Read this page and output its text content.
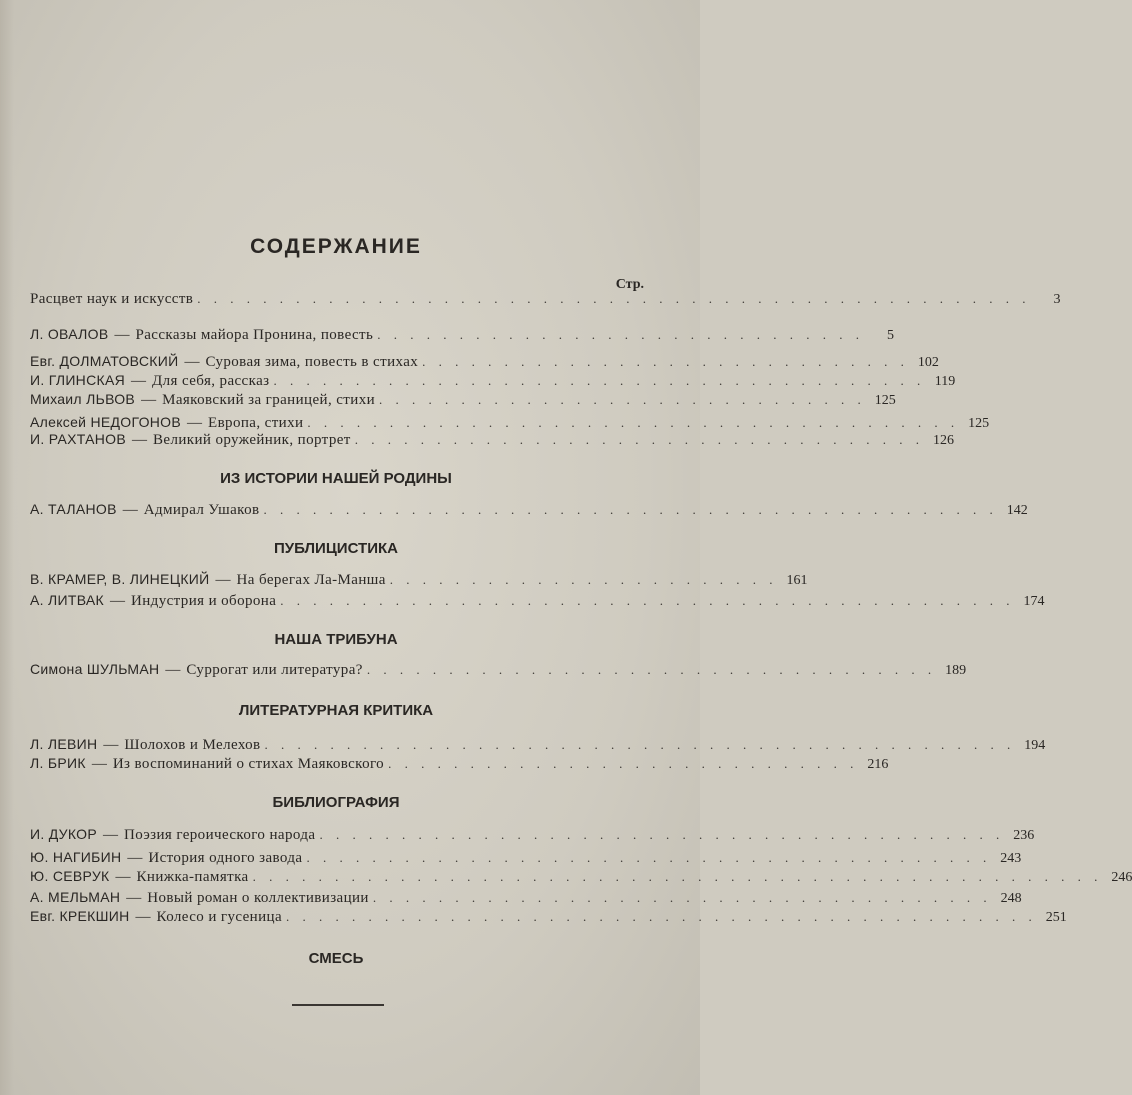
СОДЕРЖАНИЕ
Стр.
Расцвет наук и искусств . . . . . . . . . . . . . . . . . . . . . . . . . . . . . . . . . . . . . . . . . . . . . . . . . . .	3
Л. ОВАЛОВ — Рассказы майора Пронина, повесть . . . . . . . . . . . . . . . . . . . . . . . . . . . . . .	5
Евг. ДОЛМАТОВСКИЙ — Суровая зима, повесть в стихах . . . . . . . . . . . . . . . . . . . . . . . . . . . . . . 102
И. ГЛИНСКАЯ — Для себя, рассказ . . . . . . . . . . . . . . . . . . . . . . . . . . . . . . . . . . . . . . . . 119
Михаил ЛЬВОВ — Маяковский за границей, стихи . . . . . . . . . . . . . . . . . . . . . . . . . . . . . . 125
Алексей НЕДОГОНОВ — Европа, стихи . . . . . . . . . . . . . . . . . . . . . . . . . . . . . . . . . . . . . . . . 125
И. РАХТАНОВ — Великий оружейник, портрет . . . . . . . . . . . . . . . . . . . . . . . . . . . . . . . . . . . 126
ИЗ ИСТОРИИ НАШЕЙ РОДИНЫ
А. ТАЛАНОВ — Адмирал Ушаков . . . . . . . . . . . . . . . . . . . . . . . . . . . . . . . . . . . . . . . . . . . . . 142
ПУБЛИЦИСТИКА
В. КРАМЕР, В. ЛИНЕЦКИЙ — На берегах Ла-Манша . . . . . . . . . . . . . . . . . . . . . . . . 161
А. ЛИТВАК — Индустрия и оборона . . . . . . . . . . . . . . . . . . . . . . . . . . . . . . . . . . . . . . . . . . . . . 174
НАША ТРИБУНА
Симона ШУЛЬМАН — Суррогат или литература? . . . . . . . . . . . . . . . . . . . . . . . . . . . . . . . . . . . 189
ЛИТЕРАТУРНАЯ КРИТИКА
Л. ЛЕВИН — Шолохов и Мелехов . . . . . . . . . . . . . . . . . . . . . . . . . . . . . . . . . . . . . . . . . . . . . . 194
Л. БРИК — Из воспоминаний о стихах Маяковского . . . . . . . . . . . . . . . . . . . . . . . . . . . . . 216
БИБЛИОГРАФИЯ
И. ДУКОР — Поэзия героического народа . . . . . . . . . . . . . . . . . . . . . . . . . . . . . . . . . . . . . . . . . . 236
Ю. НАГИБИН — История одного завода . . . . . . . . . . . . . . . . . . . . . . . . . . . . . . . . . . . . . . . . . . 243
Ю. СЕВРУК — Книжка-памятка . . . . . . . . . . . . . . . . . . . . . . . . . . . . . . . . . . . . . . . . . . . . . . . . . . . . 246
А. МЕЛЬМАН — Новый роман о коллективизации . . . . . . . . . . . . . . . . . . . . . . . . . . . . . . . . . . . . . . 248
Евг. КРЕКШИН — Колесо и гусеница . . . . . . . . . . . . . . . . . . . . . . . . . . . . . . . . . . . . . . . . . . . . . . 251
СМЕСЬ
